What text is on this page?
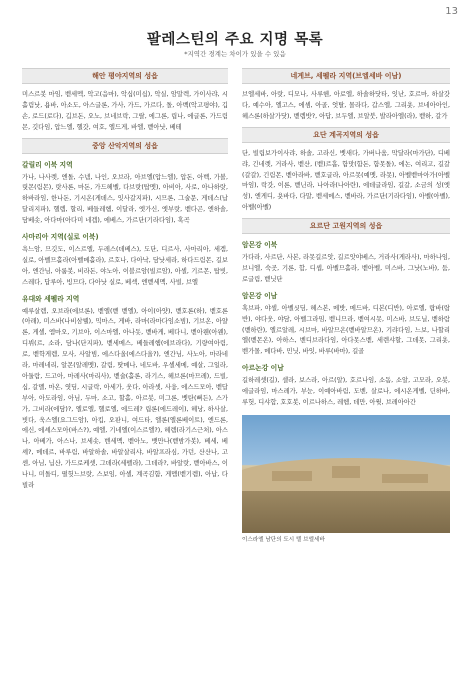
13
팔레스틴의 주요 지명 목록
*지역간 경계는 차이가 있을 수 있음
해안 평야지역의 성읍
미스르봇 마임, 벧세멕, 악고(음마), 악십(미십), 악실, 암말렉, 가이사랴, 시홀림낫, 욥바, 아소도, 아스글론, 가사, 가드, 가르다, 돌, 아벡(악고평야), 깁손, 로드(로다), 깁브돈, 오노, 브네브락, 그랄, 에그론, 립나, 에글론, 가드림몬, 깃다임, 압느엘, 헬갓, 여호, 엘드게, 바엘, 벧아낫, 베테
중앙 산악지역의 성읍
갈릴리 이북 지역
가나, 나사렛, 엔돌, 수넴, 나인, 오브라, 아브엘(압느엘), 압돈, 아벡, 가볼, 릿몬(림몬), 랏사론, 마돈, 가드헤벨, 다브랏(탑멧), 아비아, 사로, 아나하랏, 하바라임, 한나돈, 기시온(게데스, 잇사갈지파), 시므론, 그술문, 게데스(납달리지파), 헬렙, 할리, 베들레헴, 이달라, 엣가신, 엣부랏, 벧다곤, 엔하솔, 담베솟, 아다마(아다미 네겝), 에베스, 가르단(기라다임), 혹곡
사마리아 지역(실로 이북)
욕느암, 므깃도, 이스르엘, 두레스(데베스), 도단, 디르사, 사마리아, 세겜, 실로, 아벨므홀라(아벨메홀라), 르호나, 다아낙, 담낫세라, 하다드림몬, 길보아, 엔간님, 아룸봇, 비라돈, 야노아, 이블르암(빌르암), 아셀, 기르몬, 탑빗, 스레다, 답루아, 빙므다, 다아낫 실로, 베섹, 엔벧세멕, 사빌, 브엘
유대와 세펠라 지역
예루살렘, 오브라(에브론), 벧엘(벧 벧엘), 아이(아얏), 벧호론(하), 벧호론(아래), 미스바(나비삼웰), 믹마스, 게바, 라마(라마다임소빔), 기브온, 아얄론, 게셀, 엠마오, 기브아, 이스마엘, 아나돗, 벧바게, 베다니, 벧아웬(아웬), 디뷔(르, 소라, 담나(단지파), 벧세메스, 베들레헴(에브라다), 기량여아림, 로, 벧학게렘, 모사, 사알빔, 에스다올(에스다올?), 엔간님, 사노아, 마라네라, 마레네리, 알몬(알레멧), 갈림, 땃메나, 네도바, 우셀세메, 예살, 그일라, 아둘람, 드고아, 마레사(마리사), 벧술(홀론, 라기스, 헤브론(마므레), 드빌, 십, 갈멜, 마온, 엿딤, 시글락, 아세가, 웃다, 아라셋, 사융, 에스드모아, 벧답부아, 아도라임, 아님, 두마, 소고, 할홀, 아르봇, 미그론, 벳탄(뻐든), 스가가, 그비라(에담)?, 엘로엘, 헬로엘, 에드레? 립론(에드레이), 헤낭, 하사살, 빗다, 욱스엘(요그드암), 아킵, 오판니, 여드타, 엘론(엘론베이트), 엔드론, 에신, 에셰스모아(바스?), 예엘, 기네엘(이스르엘?), 헤렘(라기스근처), 아스나, 아베가, 아스나, 브세솟, 벤세멕, 벧아노, 뱃만나(벧밤가봇), 베세, 베셰?, 메데르, 바루림, 바알하솔, 바알살리샤, 바알프라심, 가던, 산산나, 고센, 아님, 닙산, 가드로케셋, 그데라(세펠라), 그데라?, 바알랏, 벧아바스, 이나니, 미돌디, 떨헛느브랏, 스보임, 아셀, 계곡김함, 게멤(벧기렘), 아납, 다빌라
네게브, 세펠라 지역(브엘세바 이남)
브엘세바, 아랏, 디모나, 사루헨, 아로엘, 하솔하닷타, 잇난, 호르마, 하살갓다, 예수아, 엘고스, 에셈, 아골, 엇탈, 몰라다, 갑스엘, 그리욧, 브네아아인, 헤스론(하살가닷), 벧렙밧?, 아답, 브두엘, 브알붓, 발라아엘(라), 벧하, 갈가
요단 계곡지역의 성읍
단, 빌립보가이사랴, 하솔, 고라신, 벳새다, 가버나움, 막달라(마가단), 디베랴, 긴네렛, 거라사, 벧산, (벧)르홉, 함맛(함돈, 함못돌), 에논, 여리고, 길갈(갈갈), 긴림몬, 벧아라바, 벧호글라, 아르못(예멧, 라못), 아벨벧마아가(아벨마임), 락갓, 이론, 벧닌라, 나아라(나아란), 에데글라임, 길갈, 소금의 성(엣성), 엔게디, 욧바다, 다말, 벧세메스, 벧바라, 가르단(기라다임), 아벨(아벨), 아벨(아벨)
요르단 고원지역의 성읍
암몬강 이북
가다라, 사르단, 사본, 라못길르앗, 길르앗야베스, 거라사(게라사), 마하나임, 브니엘, 숙곳, 기론, 합, 디셉, 아벨므홀라, 벧아벨, 미스바, 그낫(노바), 둠, 로글림, 벧닛단
암몬강 이남
혹브파, 야셀, 아벨싯딤, 헤스본, 메밧, 메드바, 디본(디반), 아로엘, 랍바(랍반), 야다웃, 야담, 아벨그라밈, 벧니므라, 벧여시못, 미스바, 브도닐, 벧하람(벧하란), 엘르알레, 시브마, 바알므온(벧바알므온), 기랴다임, 느보, 나할리엘(벧몬온), 아하스, 벤디브라다임, 아다못스벧, 세렌샤할, 그데못, 그리욧, 벤가몰, 메다바, 민닛, 바잇, 바루(바마), 길골
아르논강 이남
길하레셋(길), 셀라, 보스라, 아르(알), 호르나임, 소돔, 소알, 고모라, 오봇, 에글라임, 마스레가, 부눈, 이예아바림, 도벤, 살로나, 에시온게벨, 딘하바, 루헛, 디샤합, 호호봇, 이르나하스, 레헴, 데만, 아윗, 브레아아간
이스라엘 남단의 도시 텔 브엘세바
